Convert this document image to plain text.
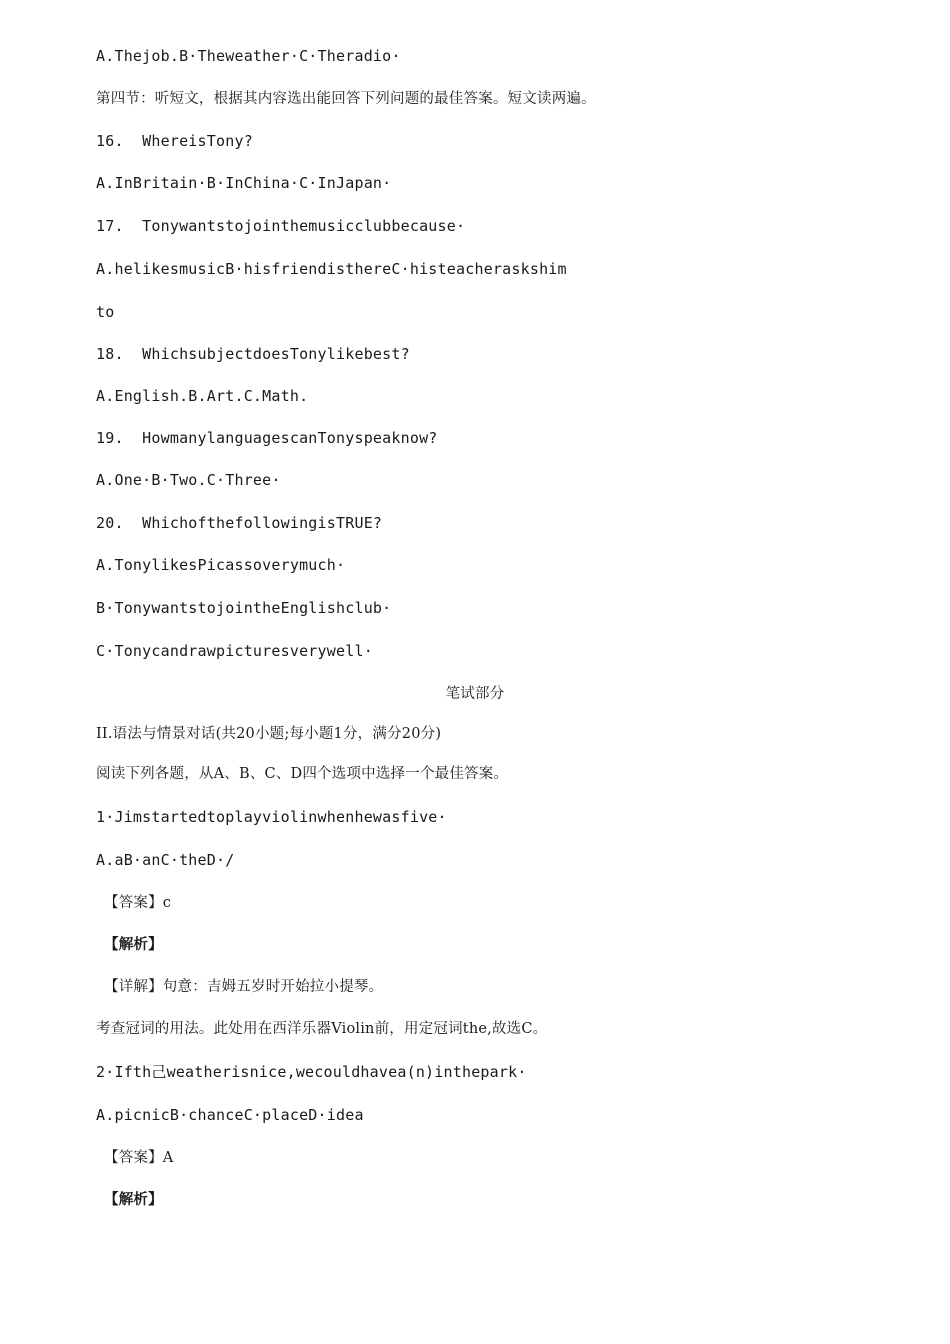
A.Thejob.B·Theweather·C·Theradio·
第四节：听短文，根据其内容选出能回答下列问题的最佳答案。短文读两遍。
16.  WhereisTony?
A.InBritain·B·InChina·C·InJapan·
17.  Tonywantstojointhemusicclubbecause·
A.helikesmusicB·hisfriendisthereC·histeacheraskshim
to
18.  WhichsubjectdoesTonylikebest?
A.English.B.Art.C.Math.
19.  HowmanylanguagescanTonyspeaknow?
A.One·B·Two.C·Three·
20.  WhichofthefollowingisTRUE?
A.TonylikesPicassoverymuch·
B·TonywantstojointheEnglishclub·
C·Tonycandrawpicturesverywell·
笔试部分
II.语法与情景对话(共20小题;每小题1分，满分20分)
阅读下列各题，从A、B、C、D四个选项中选择一个最佳答案。
1·Jimstartedtoplayviolinwhenhewasfive·
A.aB·anC·theD·/
【答案】c
【解析】
【详解】句意：吉姆五岁时开始拉小提琴。
考查冠词的用法。此处用在西洋乐器Violin前，用定冠词the,故选C。
2·Ifth己weatherisnice,wecouldhavea(n)inthepark·
A.picnicB·chanceC·placeD·idea
【答案】A
【解析】
